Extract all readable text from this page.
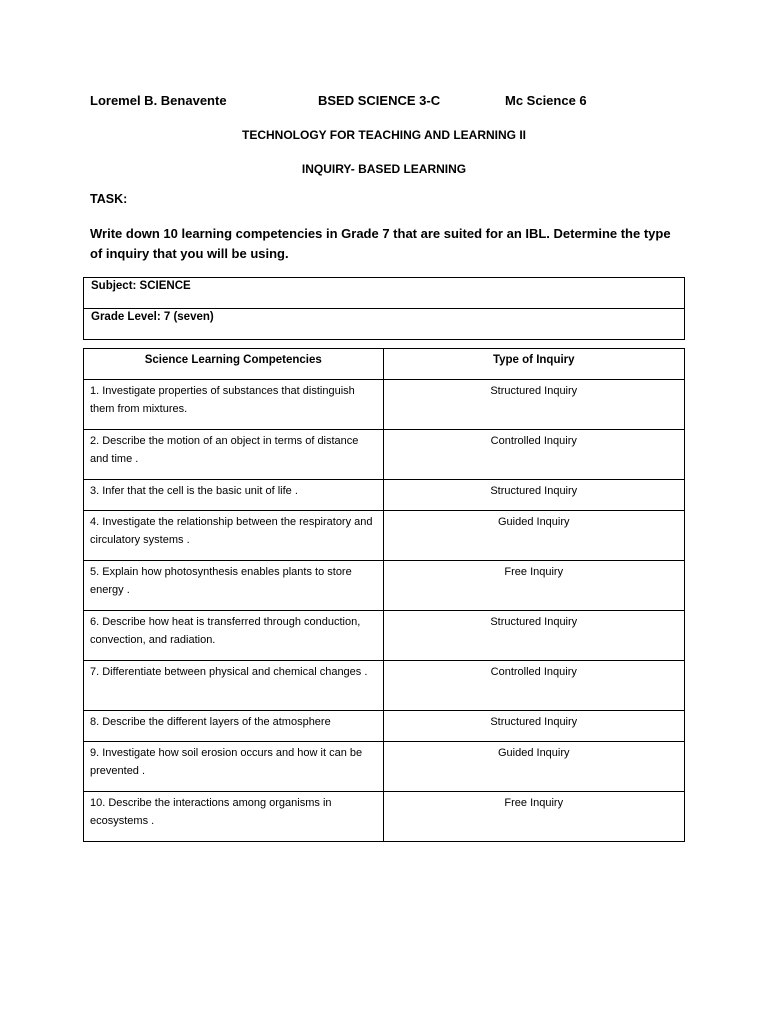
Loremel B. Benavente	BSED SCIENCE 3-C	Mc Science 6
TECHNOLOGY FOR TEACHING AND LEARNING II
INQUIRY- BASED LEARNING
TASK:
Write down 10 learning competencies in Grade 7 that are suited for an IBL. Determine the type of inquiry that you will be using.
Subject: SCIENCE
Grade Level: 7 (seven)
Science Learning Competencies	Type of Inquiry
1. Investigate properties of substances that distinguish them from mixtures.	Structured Inquiry
2. Describe the motion of an object in terms of distance and time .	Controlled Inquiry
3. Infer that the cell is the basic unit of life .	Structured Inquiry
4. Investigate the relationship between the respiratory and circulatory systems .	Guided Inquiry
5. Explain how photosynthesis enables plants to store energy .	Free Inquiry
6. Describe how heat is transferred through conduction, convection, and radiation.	Structured Inquiry
7. Differentiate between physical and chemical changes .	Controlled Inquiry
8. Describe the different layers of the atmosphere	Structured Inquiry
9. Investigate how soil erosion occurs and how it can be prevented .	Guided Inquiry
10. Describe the interactions among organisms in ecosystems .	Free Inquiry
